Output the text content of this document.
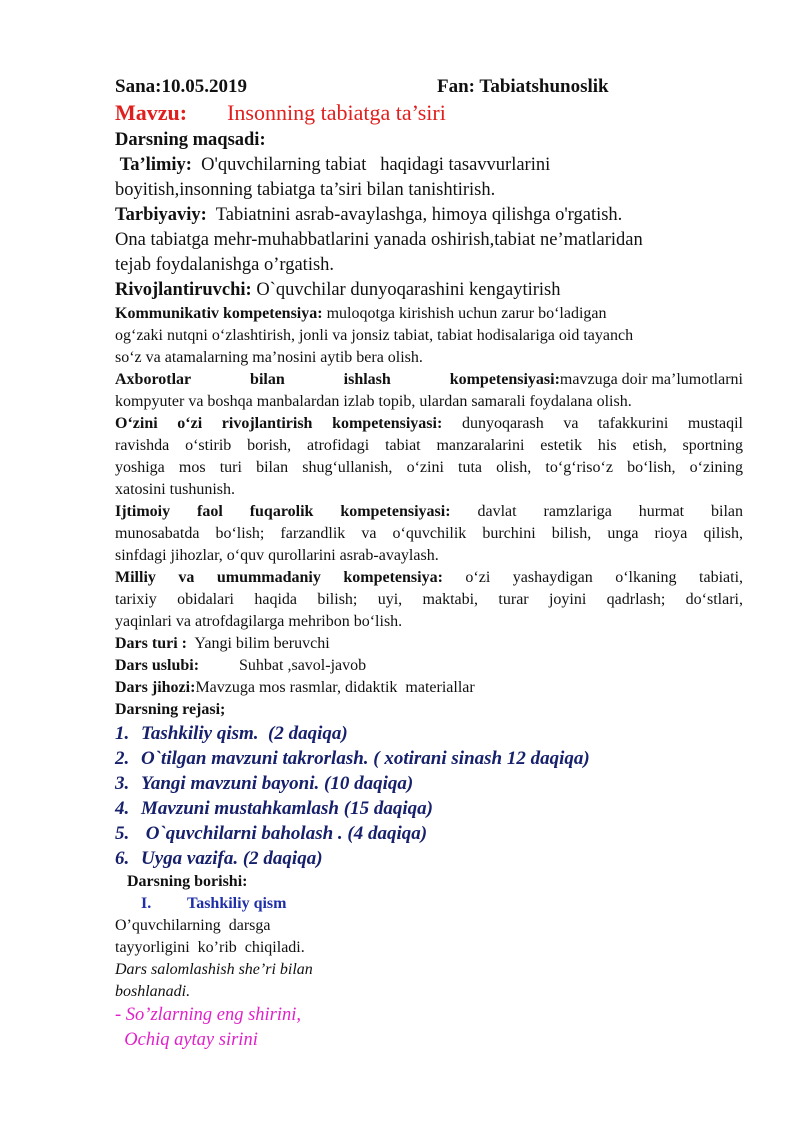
Sana:10.05.2019	Fan: Tabiatshunoslik
Mavzu: Insonning tabiatga ta’siri
Darsning maqsadi:
Ta’limiy: O'quvchilarning tabiat   haqidagi tasavvurlarini
boyitish,insonning tabiatga ta’siri bilan tanishtirish.
Tarbiyaviy: Tabiatnini asrab-avaylashga, himoya qilishga o'rgatish.
Ona tabiatga mehr-muhabbatlarini yanada oshirish,tabiat ne’matlaridan
tejab foydalanishga o’rgatish.
Rivojlantiruvchi: O`quvchilar dunyoqarashini kengaytirish
Kommunikativ kompetensiya: muloqotga kirishish uchun zarur bo‘ladigan
og‘zaki nutqni o‘zlashtirish, jonli va jonsiz tabiat, tabiat hodisalariga oid tayanch
so‘z va atamalarning ma’nosini aytib bera olish.
Axborotlar	bilan	ishlash	kompetensiyasi:mavzuga doir ma’lumotlarni
kompyuter va boshqa manbalardan izlab topib, ulardan samarali foydalana olish.
O‘zini o‘zi rivojlantirish kompetensiyasi: dunyoqarash va tafakkurini mustaqil
ravishda o‘stirib borish, atrofidagi tabiat manzaralarini estetik his etish, sportning
yoshiga mos turi bilan shug‘ullanish, o‘zini tuta olish, to‘g‘riso‘z bo‘lish, o‘zining
xatosini tushunish.
Ijtimoiy faol fuqarolik kompetensiyasi: davlat ramzlariga hurmat bilan
munosabatda bo‘lish; farzandlik va o‘quvchilik burchini bilish, unga rioya qilish,
sinfdagi jihozlar, o‘quv qurollarini asrab-avaylash.
Milliy va umummadaniy kompetensiya: o‘zi yashaydigan o‘lkaning tabiati,
tarixiy obidalari haqida bilish; uyi, maktabi, turar joyini qadrlash; do‘stlari,
yaqinlari va atrofdagilarga mehribon bo‘lish.
Dars turi : Yangi bilim beruvchi
Dars uslubi:	Suhbat ,savol-javob
Dars jihozi:Mavzuga mos rasmlar, didaktik  materiallar
Darsning rejasi;
1. Tashkiliy qism.  (2 daqiqa)
2. O`tilgan mavzuni takrorlash. ( xotirani sinash 12 daqiqa)
3. Yangi mavzuni bayoni. (10 daqiqa)
4. Mavzuni mustahkamlash (15 daqiqa)
5. O`quvchilarni baholash . (4 daqiqa)
6. Uyga vazifa. (2 daqiqa)
Darsning borishi:
I. Tashkiliy qism
O’quvchilarning  darsga
tayyorligini  ko’rib  chiqiladi.
Dars salomlashish she’ri bilan
boshlanadi.
- So’zlarning eng shirini,
Ochiq aytay sirini
